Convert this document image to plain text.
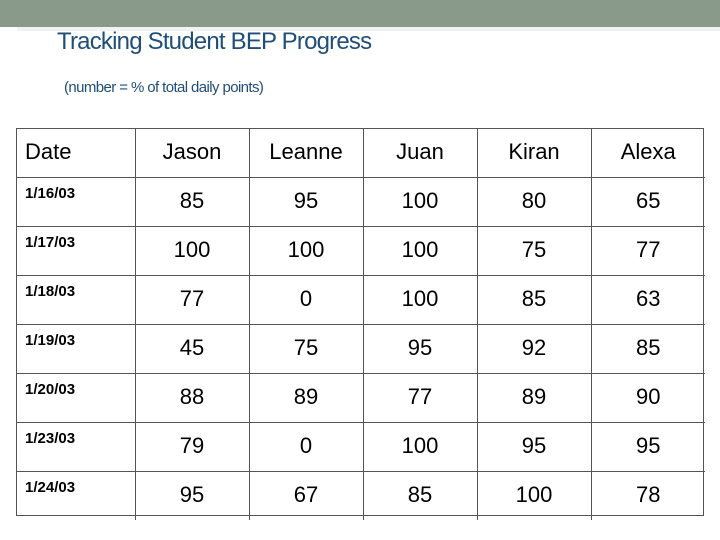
Tracking Student BEP Progress
(number = % of total daily points)
Date	Jason	Leanne	Juan	Kiran	Alexa

1/16/03	85	95	100	80	65

1/17/03	100	100	100	75	77

1/18/03	77	0	100	85	63

1/19/03	45	75	95	92	85

1/20/03	88	89	77	89	90

1/23/03	79	0	100	95	95

1/24/03	95	67	85	100	78
